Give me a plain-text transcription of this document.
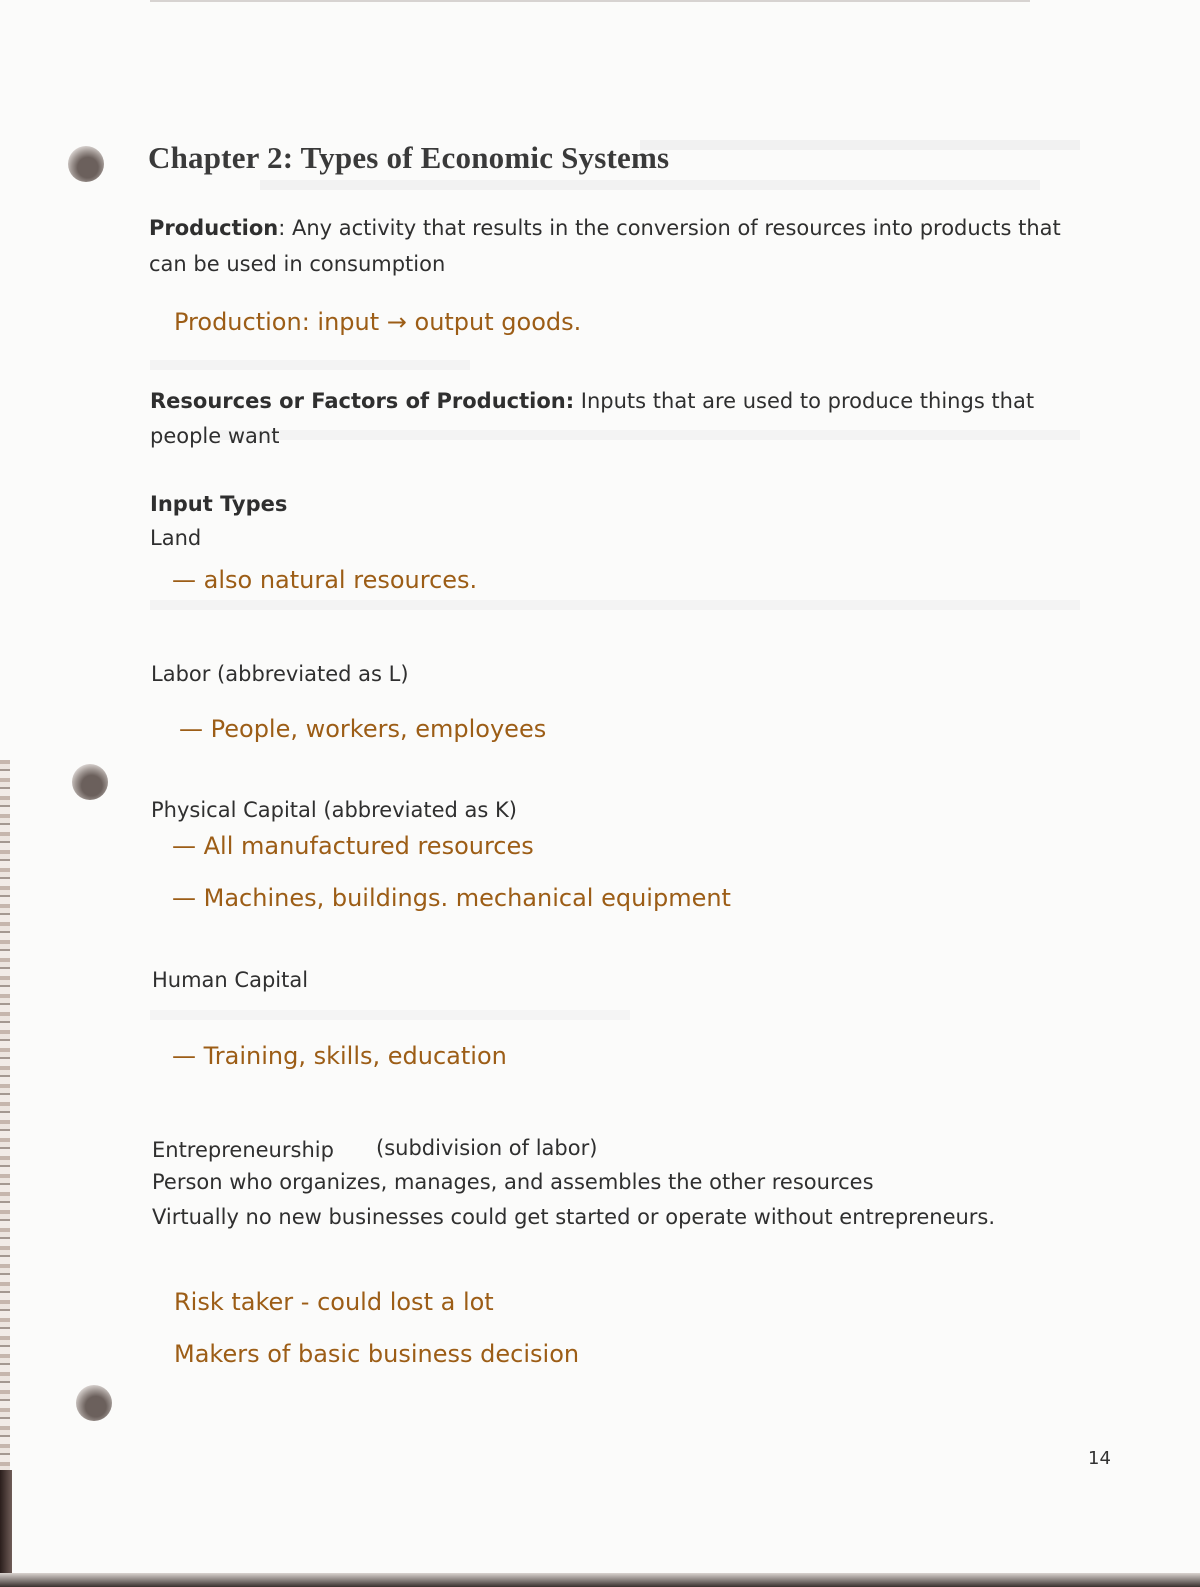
Chapter 2: Types of Economic Systems
Production: Any activity that results in the conversion of resources into products that
can be used in consumption
Production: input → output goods.
Resources or Factors of Production: Inputs that are used to produce things that
people want
Input Types
Land
— also natural resources.
Labor (abbreviated as L)
— People, workers, employees
Physical Capital (abbreviated as K)
— All manufactured resources
— Machines, buildings. mechanical equipment
Human Capital
— Training, skills, education
Entrepreneurship (subdivision of labor)
Person who organizes, manages, and assembles the other resources
Virtually no new businesses could get started or operate without entrepreneurs.
Risk taker - could lost a lot
Makers of basic business decision
14
